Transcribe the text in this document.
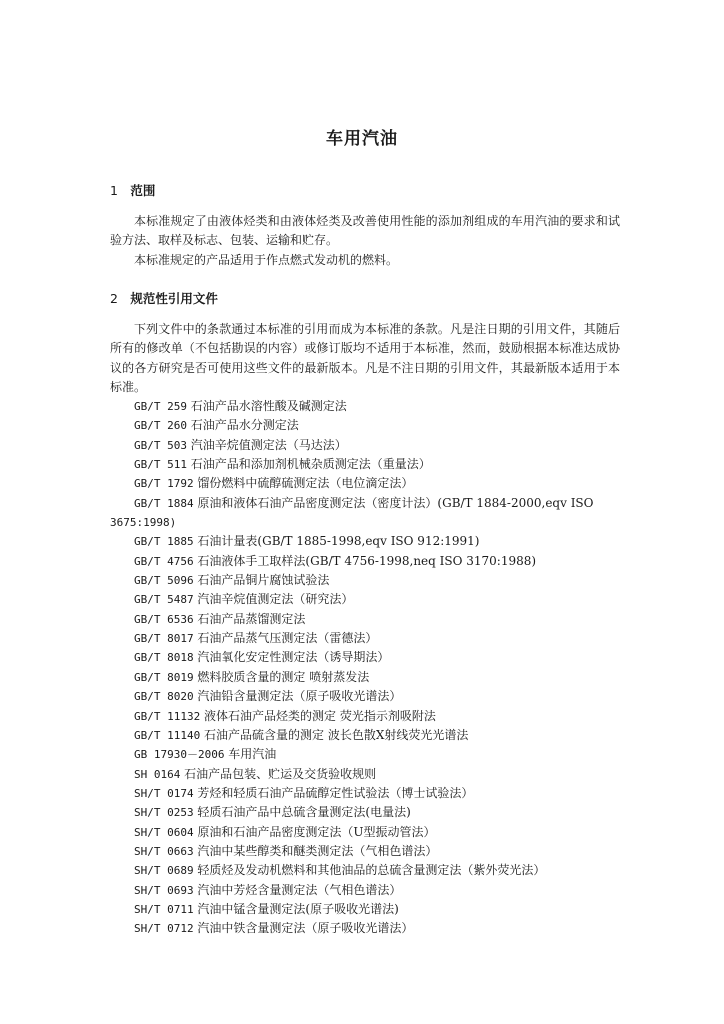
车用汽油
1 范围
本标准规定了由液体烃类和由液体烃类及改善使用性能的添加剂组成的车用汽油的要求和试验方法、取样及标志、包装、运输和贮存。
本标准规定的产品适用于作点燃式发动机的燃料。
2 规范性引用文件
下列文件中的条款通过本标准的引用而成为本标准的条款。凡是注日期的引用文件，其随后所有的修改单（不包括勘误的内容）或修订版均不适用于本标准，然而，鼓励根据本标准达成协议的各方研究是否可使用这些文件的最新版本。凡是不注日期的引用文件，其最新版本适用于本标准。
GB/T 259 石油产品水溶性酸及碱测定法
GB/T 260 石油产品水分测定法
GB/T 503 汽油辛烷值测定法（马达法）
GB/T 511 石油产品和添加剂机械杂质测定法（重量法）
GB/T 1792 馏份燃料中硫醇硫测定法（电位滴定法）
GB/T 1884 原油和液体石油产品密度测定法（密度计法）(GB/T 1884-2000,eqv ISO
3675:1998)
GB/T 1885 石油计量表(GB/T 1885-1998,eqv ISO 912:1991)
GB/T 4756 石油液体手工取样法(GB/T 4756-1998,neq ISO 3170:1988)
GB/T 5096 石油产品铜片腐蚀试验法
GB/T 5487 汽油辛烷值测定法（研究法）
GB/T 6536 石油产品蒸馏测定法
GB/T 8017 石油产品蒸气压测定法（雷德法）
GB/T 8018 汽油氧化安定性测定法（诱导期法）
GB/T 8019 燃料胶质含量的测定 喷射蒸发法
GB/T 8020 汽油铅含量测定法（原子吸收光谱法）
GB/T 11132 液体石油产品烃类的测定 荧光指示剂吸附法
GB/T 11140 石油产品硫含量的测定 波长色散X射线荧光光谱法
GB 17930－2006 车用汽油
SH 0164 石油产品包装、贮运及交货验收规则
SH/T 0174 芳烃和轻质石油产品硫醇定性试验法（博士试验法）
SH/T 0253 轻质石油产品中总硫含量测定法(电量法)
SH/T 0604 原油和石油产品密度测定法（U型振动管法）
SH/T 0663 汽油中某些醇类和醚类测定法（气相色谱法）
SH/T 0689 轻质烃及发动机燃料和其他油品的总硫含量测定法（紫外荧光法）
SH/T 0693 汽油中芳烃含量测定法（气相色谱法）
SH/T 0711 汽油中锰含量测定法(原子吸收光谱法)
SH/T 0712 汽油中铁含量测定法（原子吸收光谱法）
